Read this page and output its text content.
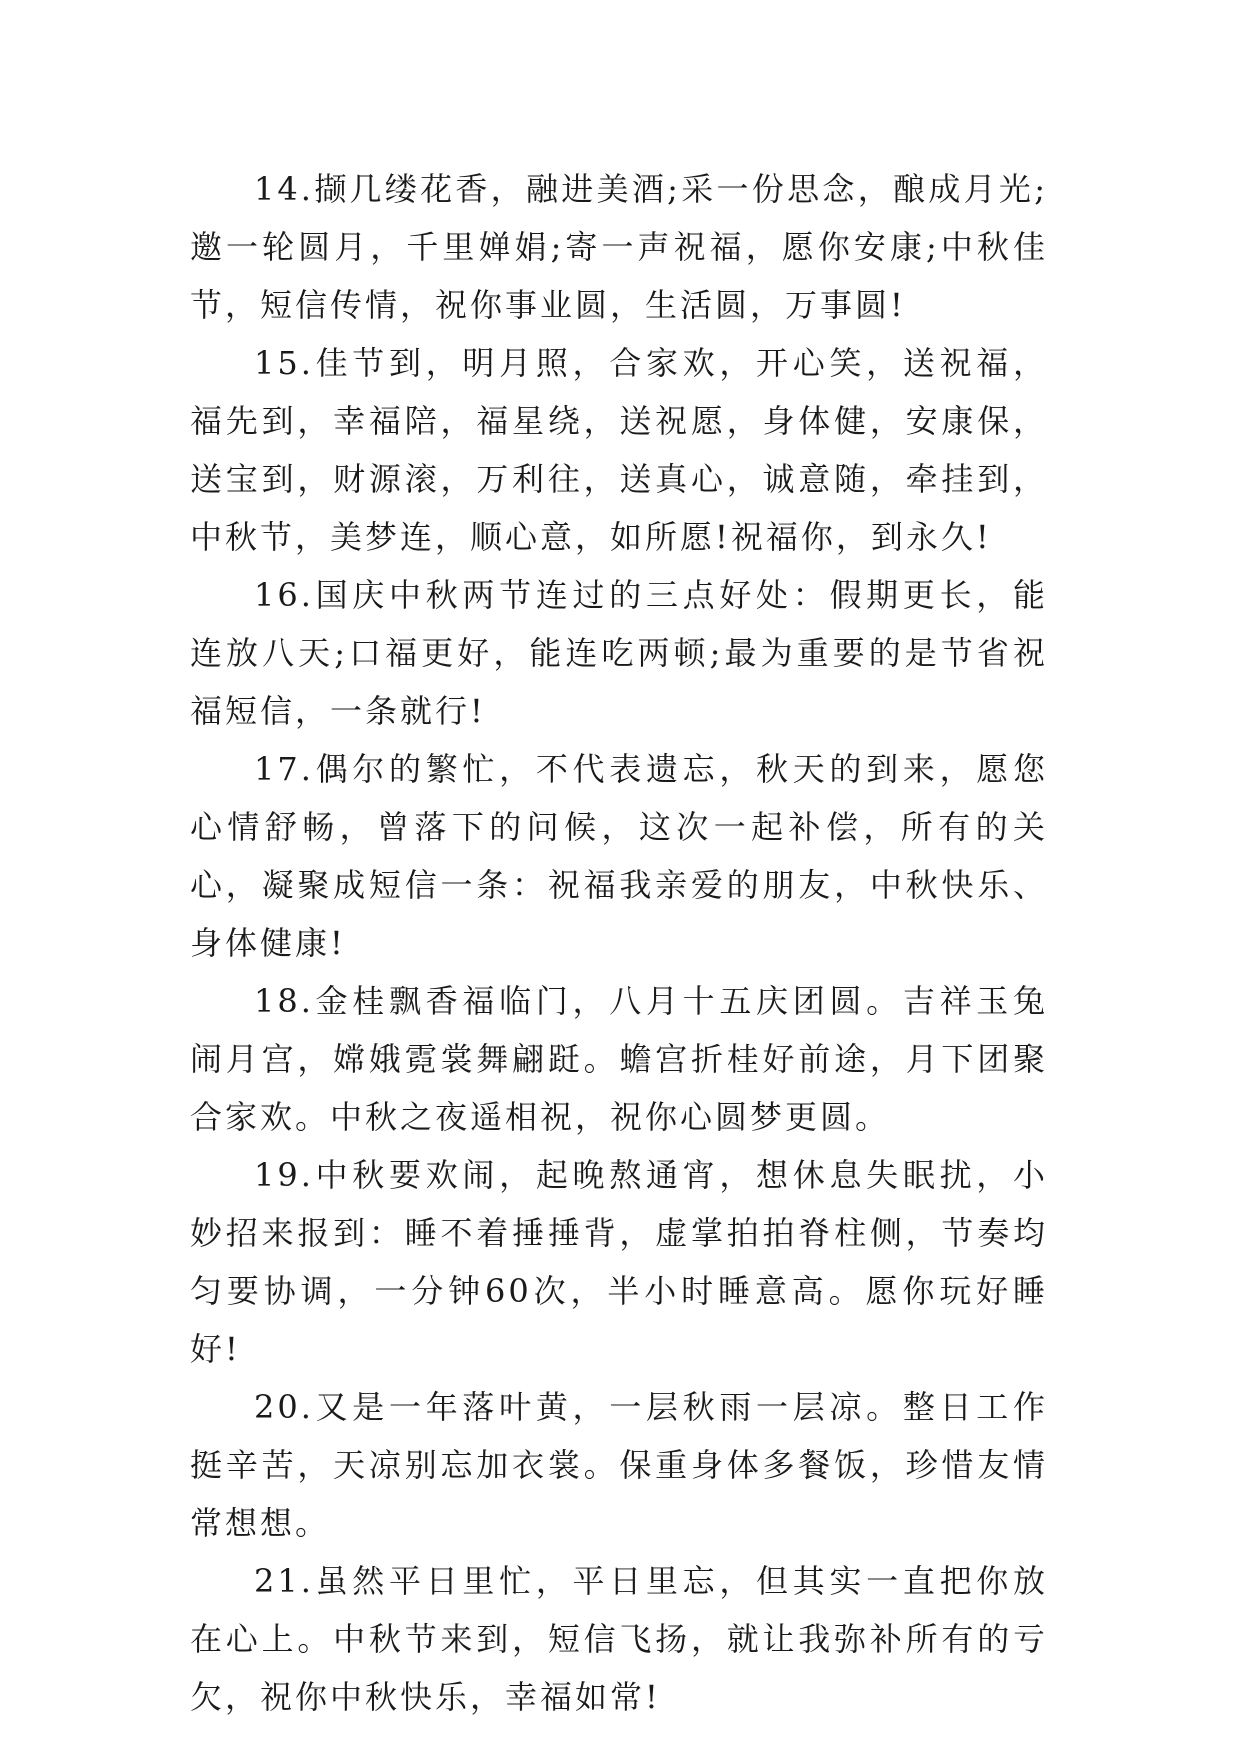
14.撷几缕花香，融进美酒;采一份思念，酿成月光;邀一轮圆月，千里婵娟;寄一声祝福，愿你安康;中秋佳节，短信传情，祝你事业圆，生活圆，万事圆!

15.佳节到，明月照，合家欢，开心笑，送祝福，福先到，幸福陪，福星绕，送祝愿，身体健，安康保，送宝到，财源滚，万利往，送真心，诚意随，牵挂到，中秋节，美梦连，顺心意，如所愿!祝福你，到永久!

16.国庆中秋两节连过的三点好处：假期更长，能连放八天;口福更好，能连吃两顿;最为重要的是节省祝福短信，一条就行!

17.偶尔的繁忙，不代表遗忘，秋天的到来，愿您心情舒畅，曾落下的问候，这次一起补偿，所有的关心，凝聚成短信一条：祝福我亲爱的朋友，中秋快乐、身体健康!

18.金桂飘香福临门，八月十五庆团圆。吉祥玉兔闹月宫，嫦娥霓裳舞翩跹。蟾宫折桂好前途，月下团聚合家欢。中秋之夜遥相祝，祝你心圆梦更圆。

19.中秋要欢闹，起晚熬通宵，想休息失眠扰，小妙招来报到：睡不着捶捶背，虚掌拍拍脊柱侧，节奏均匀要协调，一分钟60次，半小时睡意高。愿你玩好睡好!

20.又是一年落叶黄，一层秋雨一层凉。整日工作挺辛苦，天凉别忘加衣裳。保重身体多餐饭，珍惜友情常想想。

21.虽然平日里忙，平日里忘，但其实一直把你放在心上。中秋节来到，短信飞扬，就让我弥补所有的亏欠，祝你中秋快乐，幸福如常!
